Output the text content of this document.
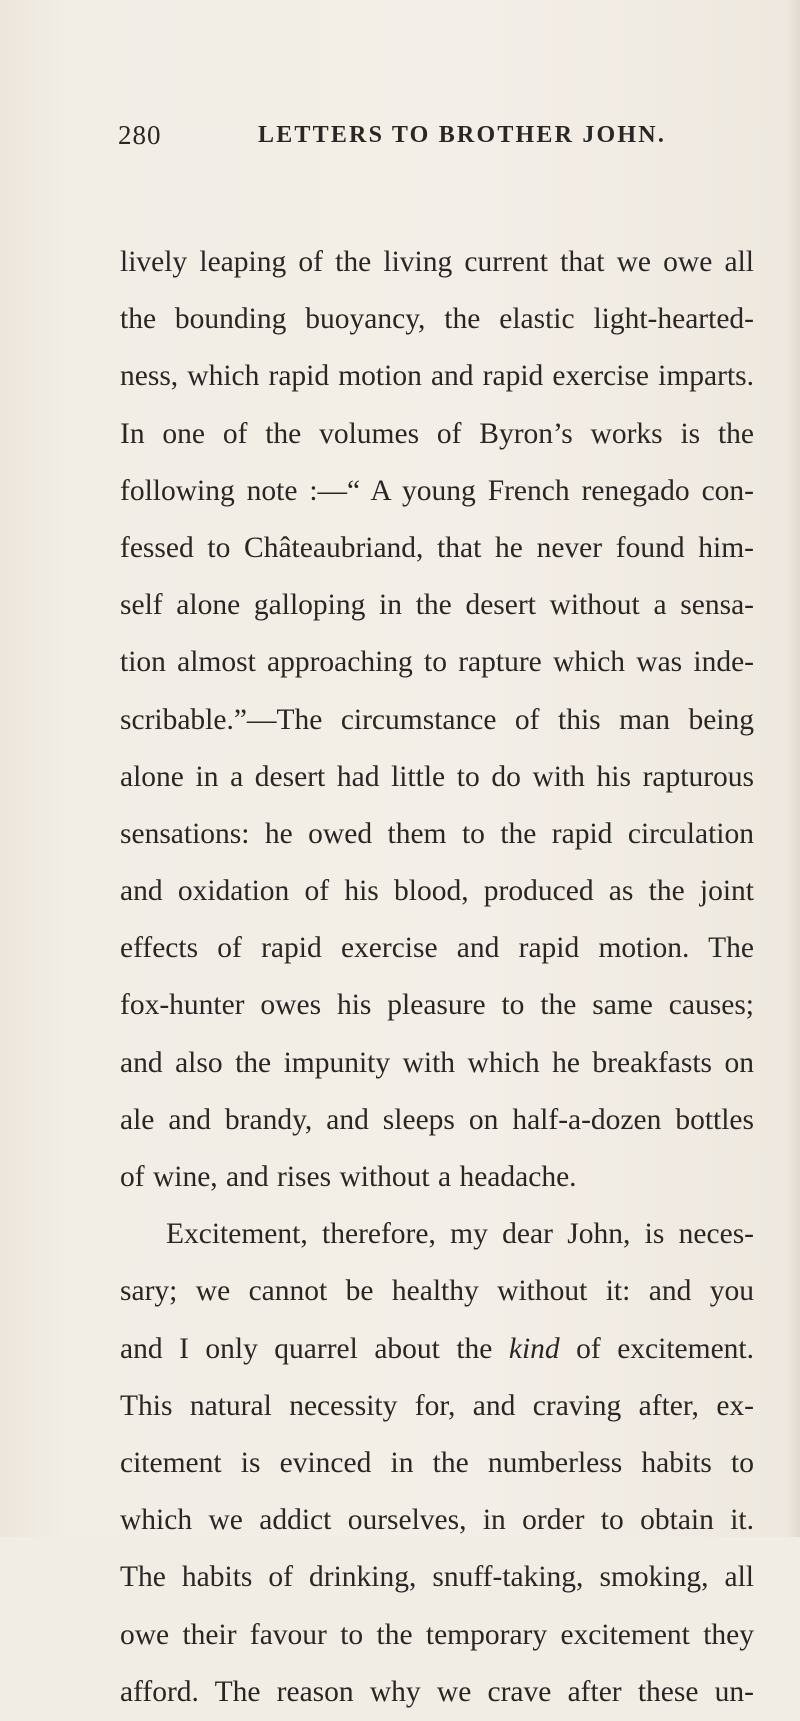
280	LETTERS TO BROTHER JOHN.
lively leaping of the living current that we owe all
the bounding buoyancy, the elastic light-hearted-
ness, which rapid motion and rapid exercise imparts.
In one of the volumes of Byron’s works is the
following note :—“ A young French renegado con-
fessed to Châteaubriand, that he never found him-
self alone galloping in the desert without a sensa-
tion almost approaching to rapture which was inde-
scribable.”—The circumstance of this man being
alone in a desert had little to do with his rapturous
sensations: he owed them to the rapid circulation
and oxidation of his blood, produced as the joint
effects of rapid exercise and rapid motion. The
fox-hunter owes his pleasure to the same causes;
and also the impunity with which he breakfasts on
ale and brandy, and sleeps on half-a-dozen bottles
of wine, and rises without a headache.
Excitement, therefore, my dear John, is neces-
sary; we cannot be healthy without it: and you
and I only quarrel about the kind of excitement.
This natural necessity for, and craving after, ex-
citement is evinced in the numberless habits to
which we addict ourselves, in order to obtain it.
The habits of drinking, snuff-taking, smoking, all
owe their favour to the temporary excitement they
afford. The reason why we crave after these un-
